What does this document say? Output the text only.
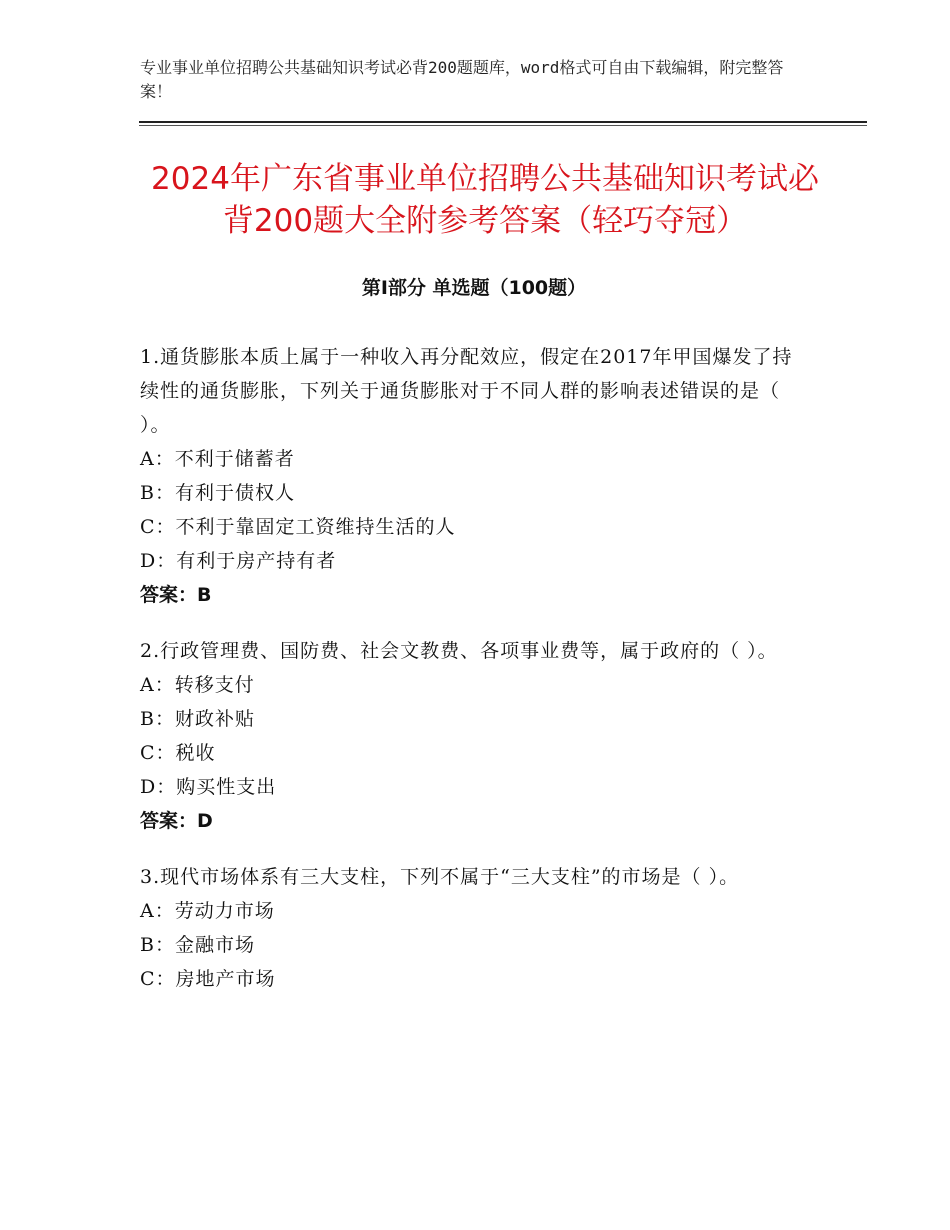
专业事业单位招聘公共基础知识考试必背200题题库，word格式可自由下载编辑，附完整答案！
2024年广东省事业单位招聘公共基础知识考试必背200题大全附参考答案（轻巧夺冠）
第Ⅰ部分 单选题（100题）
1.通货膨胀本质上属于一种收入再分配效应，假定在2017年甲国爆发了持续性的通货膨胀，下列关于通货膨胀对于不同人群的影响表述错误的是（ ）。
A：不利于储蓄者
B：有利于债权人
C：不利于靠固定工资维持生活的人
D：有利于房产持有者
答案：B
2.行政管理费、国防费、社会文教费、各项事业费等，属于政府的（ ）。
A：转移支付
B：财政补贴
C：税收
D：购买性支出
答案：D
3.现代市场体系有三大支柱，下列不属于“三大支柱”的市场是（ ）。
A：劳动力市场
B：金融市场
C：房地产市场
